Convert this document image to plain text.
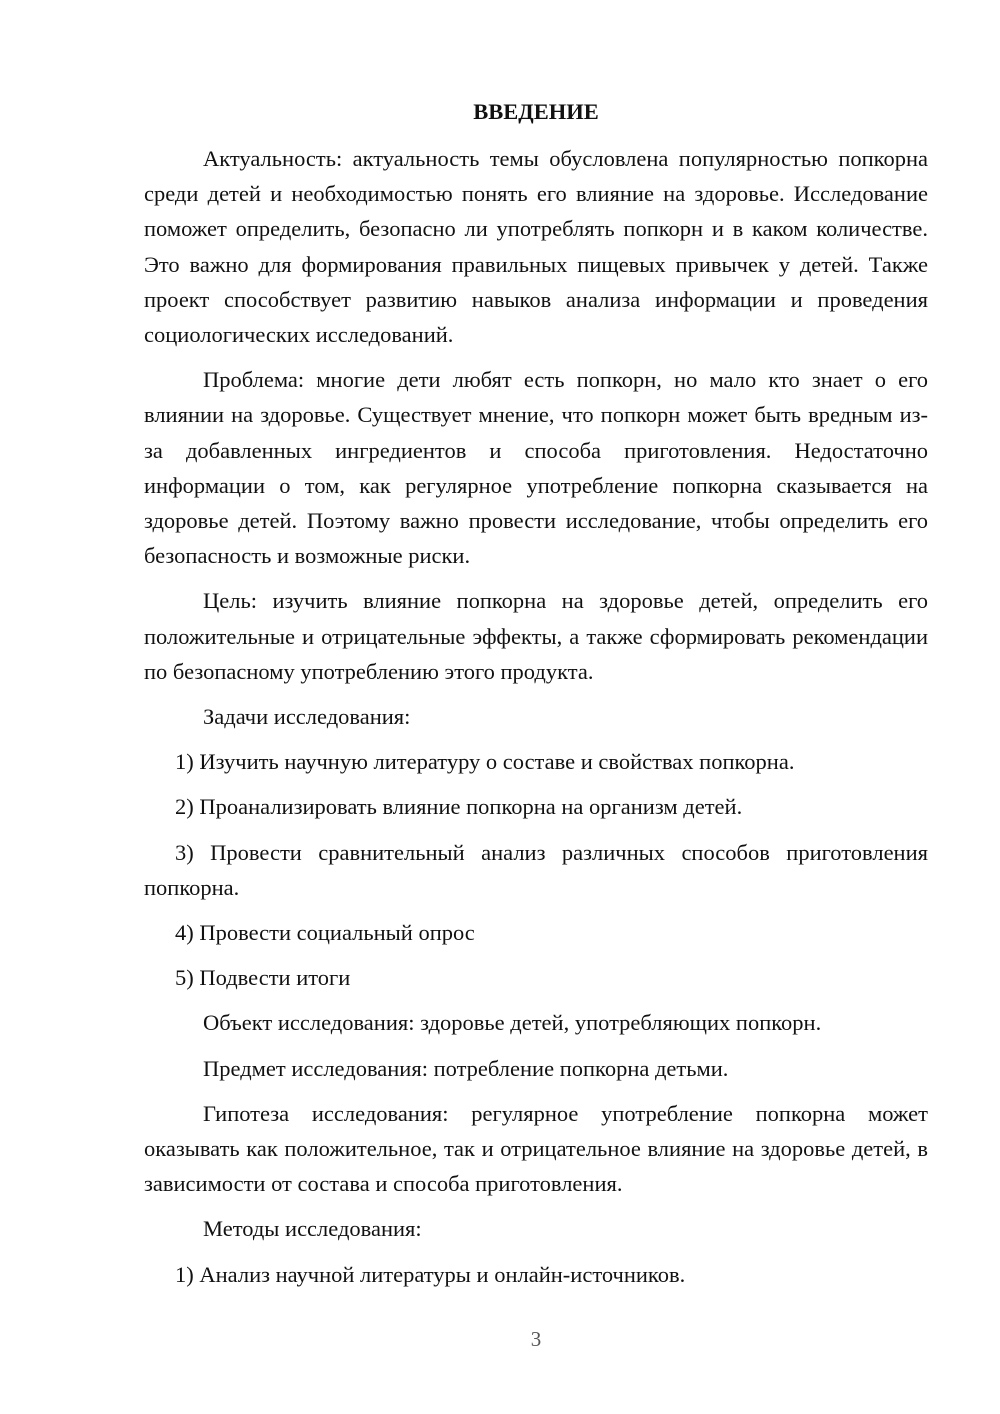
ВВЕДЕНИЕ

Актуальность: актуальность темы обусловлена популярностью попкорна среди детей и необходимостью понять его влияние на здоровье. Исследование поможет определить, безопасно ли употреблять попкорн и в каком количестве. Это важно для формирования правильных пищевых привычек у детей. Также проект способствует развитию навыков анализа информации и проведения социологических исследований.

Проблема: многие дети любят есть попкорн, но мало кто знает о его влиянии на здоровье. Существует мнение, что попкорн может быть вредным из-за добавленных ингредиентов и способа приготовления. Недостаточно информации о том, как регулярное употребление попкорна сказывается на здоровье детей. Поэтому важно провести исследование, чтобы определить его безопасность и возможные риски.

Цель: изучить влияние попкорна на здоровье детей, определить его положительные и отрицательные эффекты, а также сформировать рекомендации по безопасному употреблению этого продукта.

Задачи исследования:

1) Изучить научную литературу о составе и свойствах попкорна.

2) Проанализировать влияние попкорна на организм детей.

3) Провести сравнительный анализ различных способов приготовления попкорна.

4) Провести социальный опрос

5) Подвести итоги

Объект исследования: здоровье детей, употребляющих попкорн.

Предмет исследования: потребление попкорна детьми.

Гипотеза исследования: регулярное употребление попкорна может оказывать как положительное, так и отрицательное влияние на здоровье детей, в зависимости от состава и способа приготовления.

Методы исследования:

1) Анализ научной литературы и онлайн-источников.

3
